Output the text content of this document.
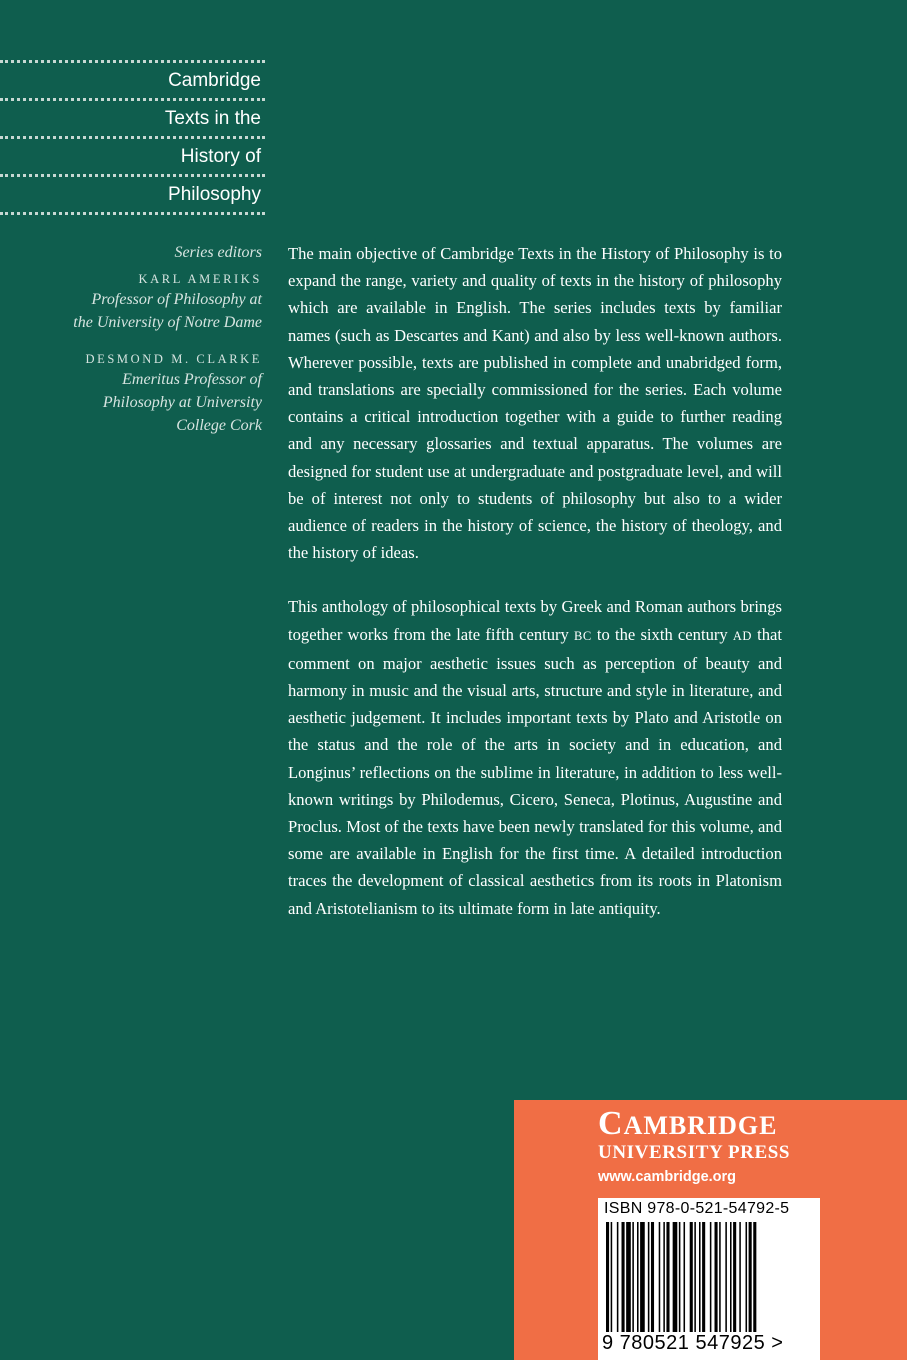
Cambridge
Texts in the
History of
Philosophy
Series editors
KARL AMERIKS
Professor of Philosophy at
the University of Notre Dame
DESMOND M. CLARKE
Emeritus Professor of
Philosophy at University
College Cork

The main objective of Cambridge Texts in the History of Philosophy is to expand the range, variety and quality of texts in the history of philosophy which are available in English. The series includes texts by familiar names (such as Descartes and Kant) and also by less well-known authors. Wherever possible, texts are published in complete and unabridged form, and translations are specially commissioned for the series. Each volume contains a critical introduction together with a guide to further reading and any necessary glossaries and textual apparatus. The volumes are designed for student use at undergraduate and postgraduate level, and will be of interest not only to students of philosophy but also to a wider audience of readers in the history of science, the history of theology, and the history of ideas.

This anthology of philosophical texts by Greek and Roman authors brings together works from the late fifth century BC to the sixth century AD that comment on major aesthetic issues such as perception of beauty and harmony in music and the visual arts, structure and style in literature, and aesthetic judgement. It includes important texts by Plato and Aristotle on the status and the role of the arts in society and in education, and Longinus’ reflections on the sublime in literature, in addition to less well-known writings by Philodemus, Cicero, Seneca, Plotinus, Augustine and Proclus. Most of the texts have been newly translated for this volume, and some are available in English for the first time. A detailed introduction traces the development of classical aesthetics from its roots in Platonism and Aristotelianism to its ultimate form in late antiquity.

CAMBRIDGE
UNIVERSITY PRESS
www.cambridge.org
ISBN 978-0-521-54792-5
9 780521 547925 >
